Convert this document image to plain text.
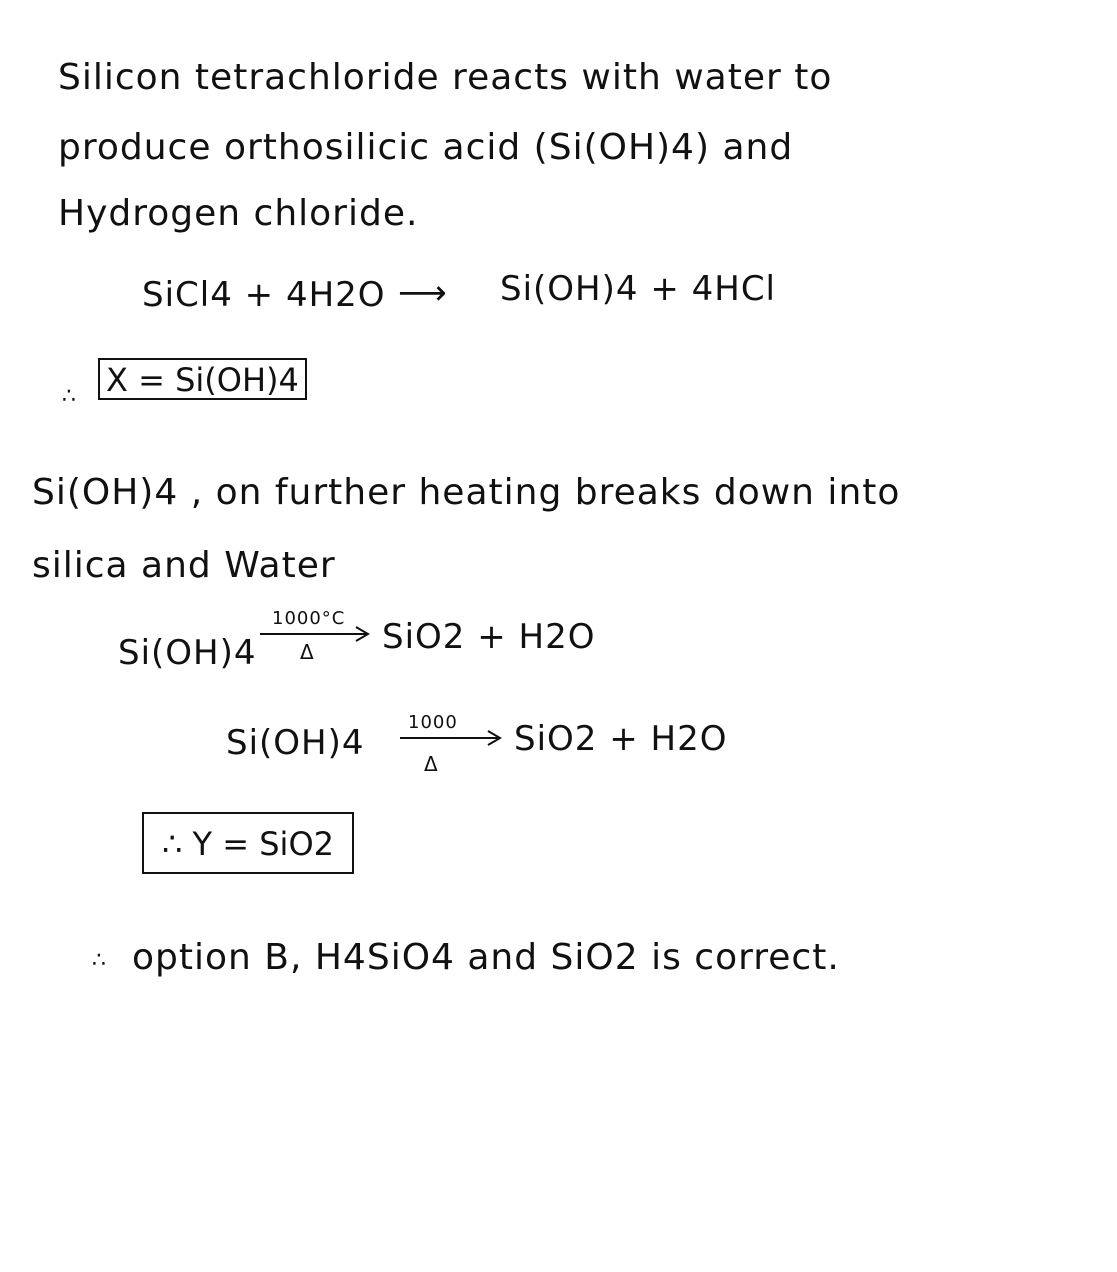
Silicon tetrachloride reacts with water to
produce orthosilicic acid (Si(OH)4) and
Hydrogen chloride.
SiCl4 + 4H2O ⟶ Si(OH)4 + 4HCl
∴ X = Si(OH)4
Si(OH)4 , on further heating breaks down into
silica and Water
Si(OH)4
1000°C
Δ SiO2 + H2O
Si(OH)4
1000
Δ
SiO2 + H2O
∴ Y = SiO2
∴ option B, H4SiO4 and SiO2 is correct.
